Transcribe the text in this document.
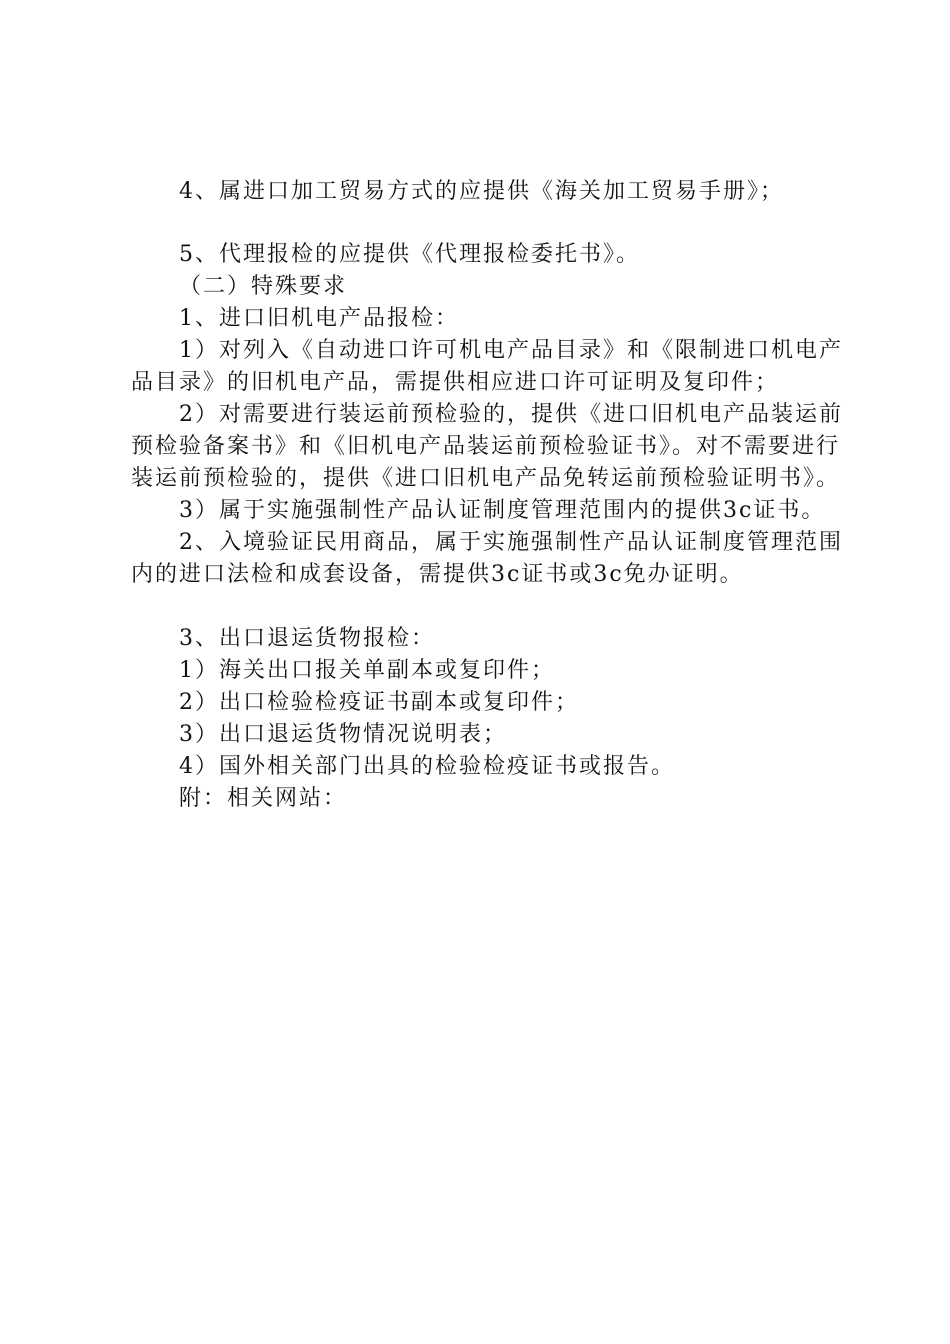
4、属进口加工贸易方式的应提供《海关加工贸易手册》；

5、代理报检的应提供《代理报检委托书》。

（二）特殊要求

1、进口旧机电产品报检：

1）对列入《自动进口许可机电产品目录》和《限制进口机电产品目录》的旧机电产品，需提供相应进口许可证明及复印件；

2）对需要进行装运前预检验的，提供《进口旧机电产品装运前预检验备案书》和《旧机电产品装运前预检验证书》。对不需要进行装运前预检验的，提供《进口旧机电产品免转运前预检验证明书》。

3）属于实施强制性产品认证制度管理范围内的提供3c证书。

2、入境验证民用商品，属于实施强制性产品认证制度管理范围内的进口法检和成套设备，需提供3c证书或3c免办证明。

3、出口退运货物报检：

1）海关出口报关单副本或复印件；

2）出口检验检疫证书副本或复印件；

3）出口退运货物情况说明表；

4）国外相关部门出具的检验检疫证书或报告。

附：相关网站：
